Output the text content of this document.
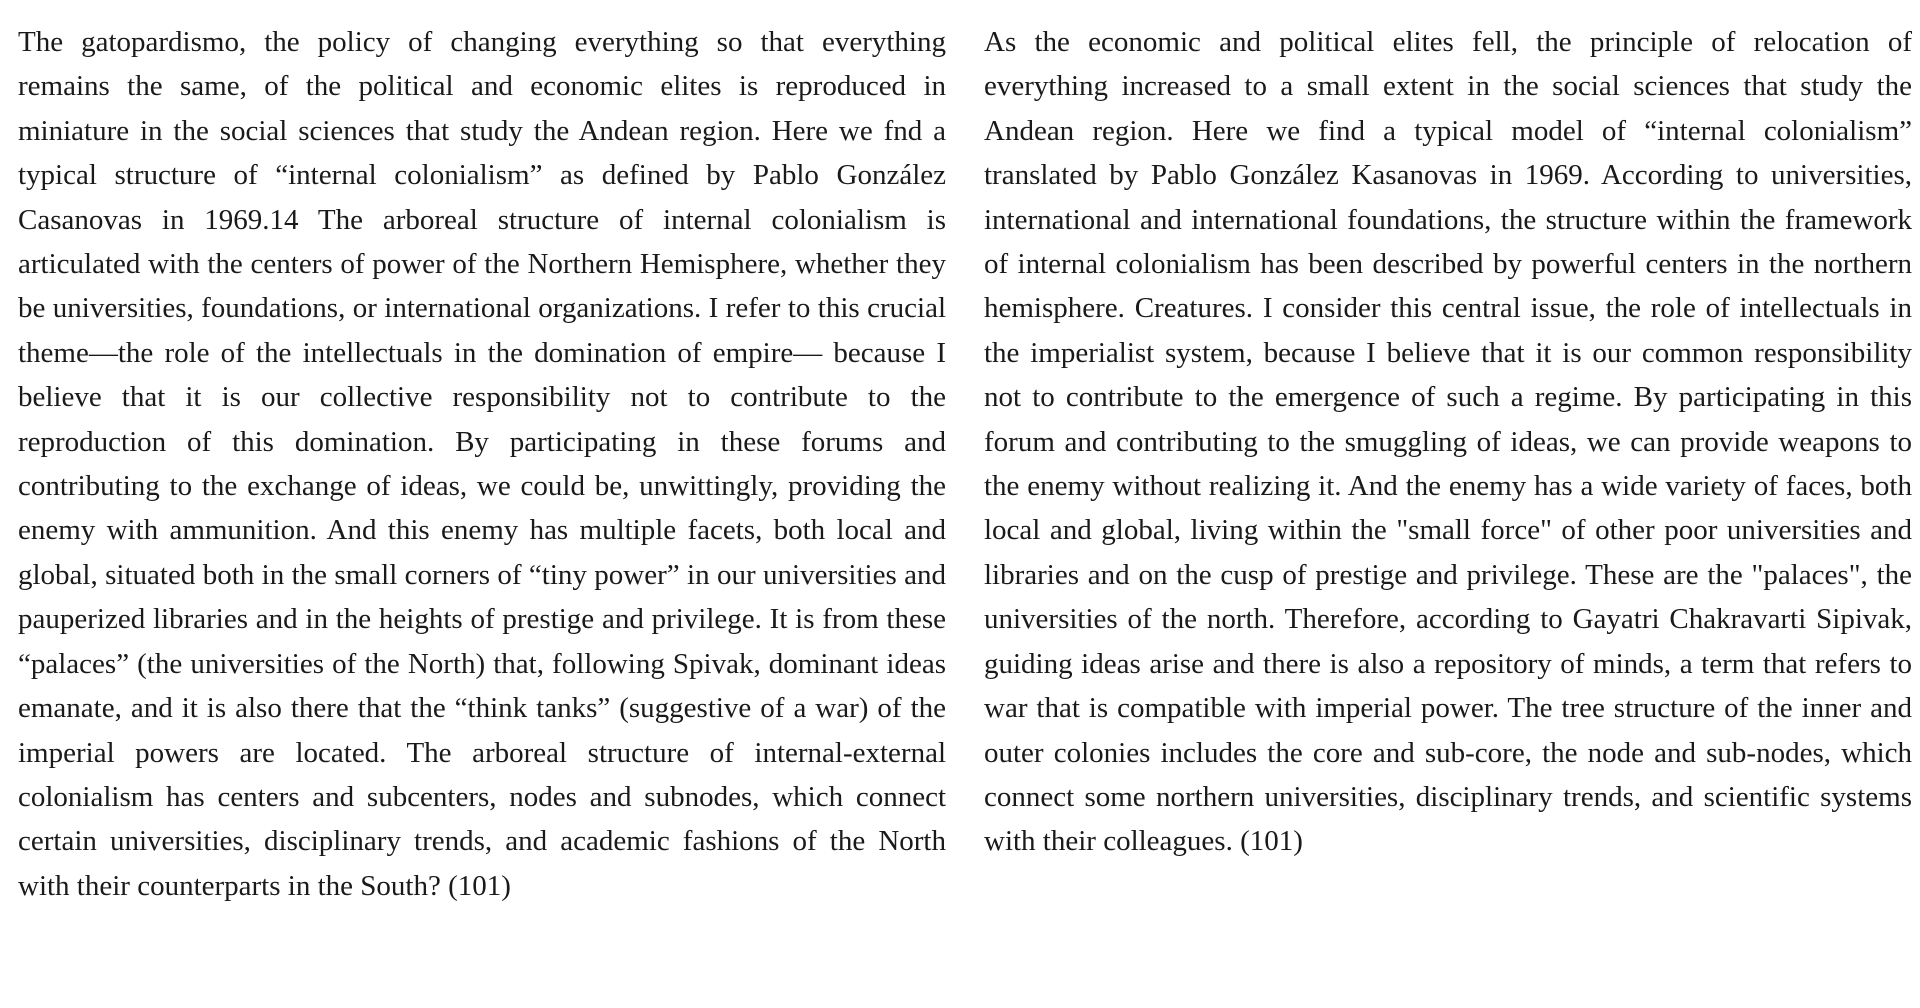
The gatopardismo, the policy of changing everything so that everything remains the same, of the political and economic elites is reproduced in miniature in the social sciences that study the Andean region. Here we fnd a typical structure of “internal colonialism” as defined by Pablo González Casanovas in 1969.14 The arboreal structure of internal colonialism is articulated with the centers of power of the Northern Hemisphere, whether they be universities, foundations, or international organizations. I refer to this crucial theme—the role of the intellectuals in the domination of empire— because I believe that it is our collective responsibility not to contribute to the reproduction of this domination. By participating in these forums and contributing to the exchange of ideas, we could be, unwittingly, providing the enemy with ammunition. And this enemy has multiple facets, both local and global, situated both in the small corners of “tiny power” in our universities and pauperized libraries and in the heights of prestige and privilege. It is from these “palaces” (the universities of the North) that, following Spivak, dominant ideas emanate, and it is also there that the “think tanks” (suggestive of a war) of the imperial powers are located. The arboreal structure of internal-external colonialism has centers and subcenters, nodes and subnodes, which connect certain universities, disciplinary trends, and academic fashions of the North with their counterparts in the South? (101)

As the economic and political elites fell, the principle of relocation of everything increased to a small extent in the social sciences that study the Andean region. Here we find a typical model of “internal colonialism” translated by Pablo González Kasanovas in 1969. According to universities, international and international foundations, the structure within the framework of internal colonialism has been described by powerful centers in the northern hemisphere. Creatures. I consider this central issue, the role of intellectuals in the imperialist system, because I believe that it is our common responsibility not to contribute to the emergence of such a regime. By participating in this forum and contributing to the smuggling of ideas, we can provide weapons to the enemy without realizing it. And the enemy has a wide variety of faces, both local and global, living within the "small force" of other poor universities and libraries and on the cusp of prestige and privilege. These are the "palaces", the universities of the north. Therefore, according to Gayatri Chakravarti Sipivak, guiding ideas arise and there is also a repository of minds, a term that refers to war that is compatible with imperial power. The tree structure of the inner and outer colonies includes the core and sub-core, the node and sub-nodes, which connect some northern universities, disciplinary trends, and scientific systems with their colleagues. (101)
